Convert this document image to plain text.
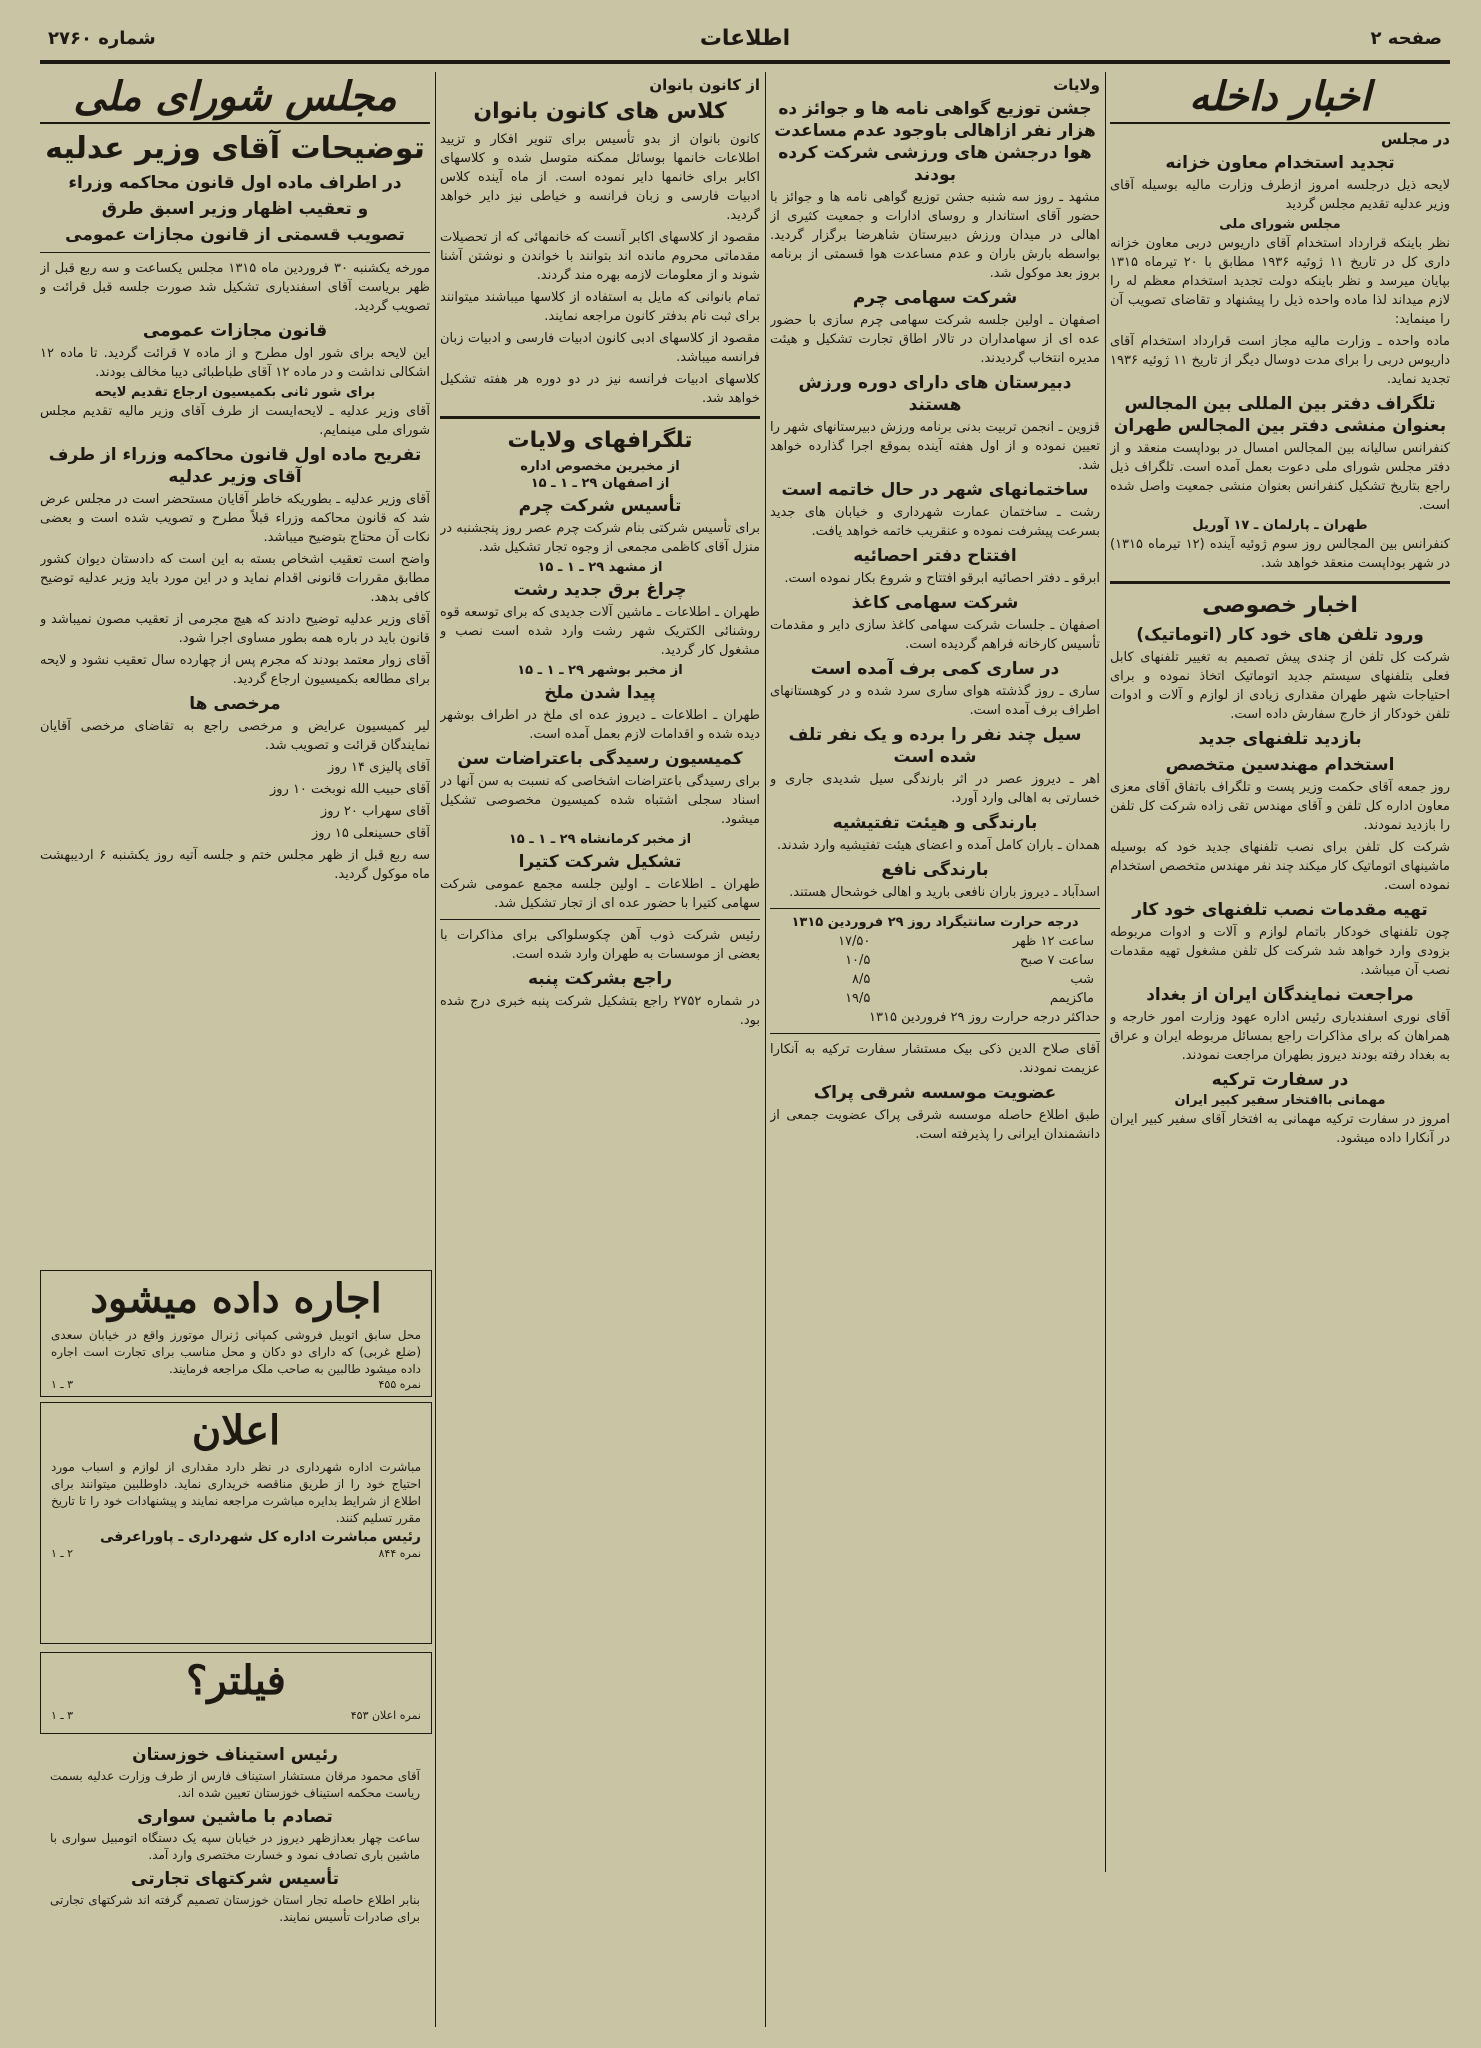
صفحه ۲
اطلاعات
شماره ۲۷۶۰
اخبار داخله
در مجلس
تجدید استخدام معاون خزانه

لایحه ذیل درجلسه امروز ازطرف وزارت مالیه بوسیله آقای وزیر عدلیه تقدیم مجلس گردید

مجلس شورای ملی

نظر باینکه قرارداد استخدام آقای داریوس دربی معاون خزانه داری کل در تاریخ ۱۱ ژوئیه ۱۹۳۶ مطابق با ۲۰ تیرماه ۱۳۱۵ بپایان میرسد و نظر باینکه دولت تجدید استخدام معظم له را لازم میداند لذا ماده واحده ذیل را پیشنهاد و تقاضای تصویب آن را مینماید:

ماده واحده ـ وزارت مالیه مجاز است قرارداد استخدام آقای داریوس دربی را برای مدت دوسال دیگر از تاریخ ۱۱ ژوئیه ۱۹۳۶ تجدید نماید.

تلگراف دفتر بین المللی بین المجالس بعنوان منشی دفتر بین المجالس طهران

کنفرانس سالیانه بین المجالس امسال در بوداپست منعقد و از دفتر مجلس شورای ملی دعوت بعمل آمده است. تلگراف ذیل راجع بتاریخ تشکیل کنفرانس بعنوان منشی جمعیت واصل شده است.

طهران ـ پارلمان ـ ۱۷ آوریل

کنفرانس بین المجالس روز سوم ژوئیه آینده (۱۲ تیرماه ۱۳۱۵) در شهر بوداپست منعقد خواهد شد.

اخبار خصوصی
ورود تلفن های خود کار (اتوماتیک)

شرکت کل تلفن از چندی پیش تصمیم به تغییر تلفنهای کابل فعلی بتلفنهای سیستم جدید اتوماتیک اتخاذ نموده و برای احتیاجات شهر طهران مقداری زیادی از لوازم و آلات و ادوات تلفن خودکار از خارج سفارش داده است.

بازدید تلفنهای جدید
استخدام مهندسین متخصص

روز جمعه آقای حکمت وزیر پست و تلگراف باتفاق آقای معزی معاون اداره کل تلفن و آقای مهندس تقی زاده شرکت کل تلفن را بازدید نمودند.

شرکت کل تلفن برای نصب تلفنهای جدید خود که بوسیله ماشینهای اتوماتیک کار میکند چند نفر مهندس متخصص استخدام نموده است.

تهیه مقدمات نصب تلفنهای خود کار

چون تلفنهای خودکار باتمام لوازم و آلات و ادوات مربوطه بزودی وارد خواهد شد شرکت کل تلفن مشغول تهیه مقدمات نصب آن میباشد.

مراجعت نمایندگان ایران از بغداد

آقای نوری اسفندیاری رئیس اداره عهود وزارت امور خارجه و همراهان که برای مذاکرات راجع بمسائل مربوطه ایران و عراق به بغداد رفته بودند دیروز بطهران مراجعت نمودند.

در سفارت ترکیه
مهمانی باافتخار سفیر کبیر ایران

امروز در سفارت ترکیه مهمانی به افتخار آقای سفیر کبیر ایران در آنکارا داده میشود.

ولایات
جشن توزیع گواهی نامه ها و جوائز ده هزار نفر ازاهالی باوجود عدم مساعدت هوا درجشن های ورزشی شرکت کرده بودند

مشهد ـ روز سه شنبه جشن توزیع گواهی نامه ها و جوائز با حضور آقای استاندار و روسای ادارات و جمعیت کثیری از اهالی در میدان ورزش دبیرستان شاهرضا برگزار گردید. بواسطه بارش باران و عدم مساعدت هوا قسمتی از برنامه بروز بعد موکول شد.

شرکت سهامی چرم

اصفهان ـ اولین جلسه شرکت سهامی چرم سازی با حضور عده ای از سهامداران در تالار اطاق تجارت تشکیل و هیئت مدیره انتخاب گردیدند.

دبیرستان های دارای دوره ورزش هستند

قزوین ـ انجمن تربیت بدنی برنامه ورزش دبیرستانهای شهر را تعیین نموده و از اول هفته آینده بموقع اجرا گذارده خواهد شد.

ساختمانهای شهر در حال خاتمه است

رشت ـ ساختمان عمارت شهرداری و خیابان های جدید بسرعت پیشرفت نموده و عنقریب خاتمه خواهد یافت.

افتتاح دفتر احصائیه

ابرقو ـ دفتر احصائیه ابرقو افتتاح و شروع بکار نموده است.

شرکت سهامی کاغذ

اصفهان ـ جلسات شرکت سهامی کاغذ سازی دایر و مقدمات تأسیس کارخانه فراهم گردیده است.

در ساری کمی برف آمده است

ساری ـ روز گذشته هوای ساری سرد شده و در کوهستانهای اطراف برف آمده است.

سیل چند نفر را برده و یک نفر تلف شده است

اهر ـ دیروز عصر در اثر بارندگی سیل شدیدی جاری و خسارتی به اهالی وارد آورد.

بارندگی و هیئت تفتیشیه

همدان ـ باران کامل آمده و اعضای هیئت تفتیشیه وارد شدند.

بارندگی نافع

اسدآباد ـ دیروز باران نافعی بارید و اهالی خوشحال هستند.

درجه حرارت سانتیگراد روز ۲۹ فروردین ۱۳۱۵
ساعت ۱۲ ظهر	۱۷/۵۰
ساعت ۷ صبح	۱۰/۵
شب	۸/۵
ماکزیمم	۱۹/۵

حداکثر درجه حرارت روز ۲۹ فروردین ۱۳۱۵

آقای صلاح الدین ذکی بیک مستشار سفارت ترکیه به آنکارا عزیمت نمودند.

عضویت موسسه شرقی پراک

طبق اطلاع حاصله موسسه شرقی پراک عضویت جمعی از دانشمندان ایرانی را پذیرفته است.

از کانون بانوان
کلاس های کانون بانوان

کانون بانوان از بدو تأسیس برای تنویر افکار و تزیید اطلاعات خانمها بوسائل ممکنه متوسل شده و کلاسهای اکابر برای خانمها دایر نموده است. از ماه آینده کلاس ادبیات فارسی و زبان فرانسه و خیاطی نیز دایر خواهد گردید.

مقصود از کلاسهای اکابر آنست که خانمهائی که از تحصیلات مقدماتی محروم مانده اند بتوانند با خواندن و نوشتن آشنا شوند و از معلومات لازمه بهره مند گردند.

تمام بانوانی که مایل به استفاده از کلاسها میباشند میتوانند برای ثبت نام بدفتر کانون مراجعه نمایند.

مقصود از کلاسهای ادبی کانون ادبیات فارسی و ادبیات زبان فرانسه میباشد.

کلاسهای ادبیات فرانسه نیز در دو دوره هر هفته تشکیل خواهد شد.

تلگرافهای ولایات
از مخبرین مخصوص اداره
از اصفهان ۲۹ ـ ۱ ـ ۱۵
تأسیس شرکت چرم

برای تأسیس شرکتی بنام شرکت چرم عصر روز پنجشنبه در منزل آقای کاظمی مجمعی از وجوه تجار تشکیل شد.

از مشهد ۲۹ ـ ۱ ـ ۱۵
چراغ برق جدید رشت

طهران ـ اطلاعات ـ ماشین آلات جدیدی که برای توسعه قوه روشنائی الکتریک شهر رشت وارد شده است نصب و مشغول کار گردید.

از مخبر بوشهر ۲۹ ـ ۱ ـ ۱۵
پیدا شدن ملخ

طهران ـ اطلاعات ـ دیروز عده ای ملخ در اطراف بوشهر دیده شده و اقدامات لازم بعمل آمده است.

کمیسیون رسیدگی باعتراضات سن

برای رسیدگی باعتراضات اشخاصی که نسبت به سن آنها در اسناد سجلی اشتباه شده کمیسیون مخصوصی تشکیل میشود.

از مخبر کرمانشاه ۲۹ ـ ۱ ـ ۱۵
تشکیل شرکت کتیرا

طهران ـ اطلاعات ـ اولین جلسه مجمع عمومی شرکت سهامی کتیرا با حضور عده ای از تجار تشکیل شد.

رئیس شرکت ذوب آهن چکوسلواکی برای مذاکرات با بعضی از موسسات به طهران وارد شده است.

راجع بشرکت پنبه

در شماره ۲۷۵۲ راجع بتشکیل شرکت پنبه خبری درج شده بود.

مجلس شورای ملی
توضیحات آقای وزیر عدلیه
در اطراف ماده اول قانون محاکمه وزراء
و تعقیب اظهار وزیر اسبق طرق
تصویب قسمتی از قانون مجازات عمومی

مورخه یکشنبه ۳۰ فروردین ماه ۱۳۱۵ مجلس یکساعت و سه ربع قبل از ظهر بریاست آقای اسفندیاری تشکیل شد صورت جلسه قبل قرائت و تصویب گردید.

قانون مجازات عمومی

این لایحه برای شور اول مطرح و از ماده ۷ قرائت گردید. تا ماده ۱۲ اشکالی نداشت و در ماده ۱۲ آقای طباطبائی دیبا مخالف بودند.

برای شور ثانی بکمیسیون ارجاع تقدیم لایحه

آقای وزیر عدلیه ـ لایحه‌ایست از طرف آقای وزیر مالیه تقدیم مجلس شورای ملی مینمایم.

تفریح ماده اول قانون محاکمه وزراء از طرف آقای وزیر عدلیه

آقای وزیر عدلیه ـ بطوریکه خاطر آقایان مستحضر است در مجلس عرض شد که قانون محاکمه وزراء قبلاً مطرح و تصویب شده است و بعضی نکات آن محتاج بتوضیح میباشد.

واضح است تعقیب اشخاص بسته به این است که دادستان دیوان کشور مطابق مقررات قانونی اقدام نماید و در این مورد باید وزیر عدلیه توضیح کافی بدهد.

آقای وزیر عدلیه توضیح دادند که هیچ مجرمی از تعقیب مصون نمیباشد و قانون باید در باره همه بطور مساوی اجرا شود.

آقای زوار معتمد بودند که مجرم پس از چهارده سال تعقیب نشود و لایحه برای مطالعه بکمیسیون ارجاع گردید.

مرخصی ها

لیر کمیسیون عرایض و مرخصی راجع به تقاضای مرخصی آقایان نمایندگان قرائت و تصویب شد.

آقای پالیزی ۱۴ روز

آقای حبیب الله نوبخت ۱۰ روز

آقای سهراب ۲۰ روز

آقای حسینعلی ۱۵ روز

سه ربع قبل از ظهر مجلس ختم و جلسه آتیه روز یکشنبه ۶ اردیبهشت ماه موکول گردید.

اجاره داده میشود
محل سابق اتوبیل فروشی کمپانی ژنرال موتورز واقع در خیابان سعدی (ضلع غربی) که دارای دو دکان و محل مناسب برای تجارت است اجاره داده میشود طالبین به صاحب ملک مراجعه فرمایند.
نمره ۴۵۵
۳ ـ ۱
اعلان
مباشرت اداره شهرداری در نظر دارد مقداری از لوازم و اسباب مورد احتیاج خود را از طریق مناقصه خریداری نماید. داوطلبین میتوانند برای اطلاع از شرایط بدایره مباشرت مراجعه نمایند و پیشنهادات خود را تا تاریخ مقرر تسلیم کنند.
رئیس مباشرت اداره کل شهرداری ـ پاوراعرفی
نمره ۸۴۴
۲ ـ ۱
فیلتر؟
نمره اعلان ۴۵۳
۳ ـ ۱
رئیس استیناف خوزستان
آقای محمود مرقان مستشار استیناف فارس از طرف وزارت عدلیه بسمت ریاست محکمه استیناف خوزستان تعیین شده اند.
تصادم با ماشین سواری
ساعت چهار بعدازظهر دیروز در خیابان سپه یک دستگاه اتومبیل سواری با ماشین باری تصادف نمود و خسارت مختصری وارد آمد.
تأسیس شرکتهای تجارتی
بنابر اطلاع حاصله تجار استان خوزستان تصمیم گرفته اند شرکتهای تجارتی برای صادرات تأسیس نمایند.
